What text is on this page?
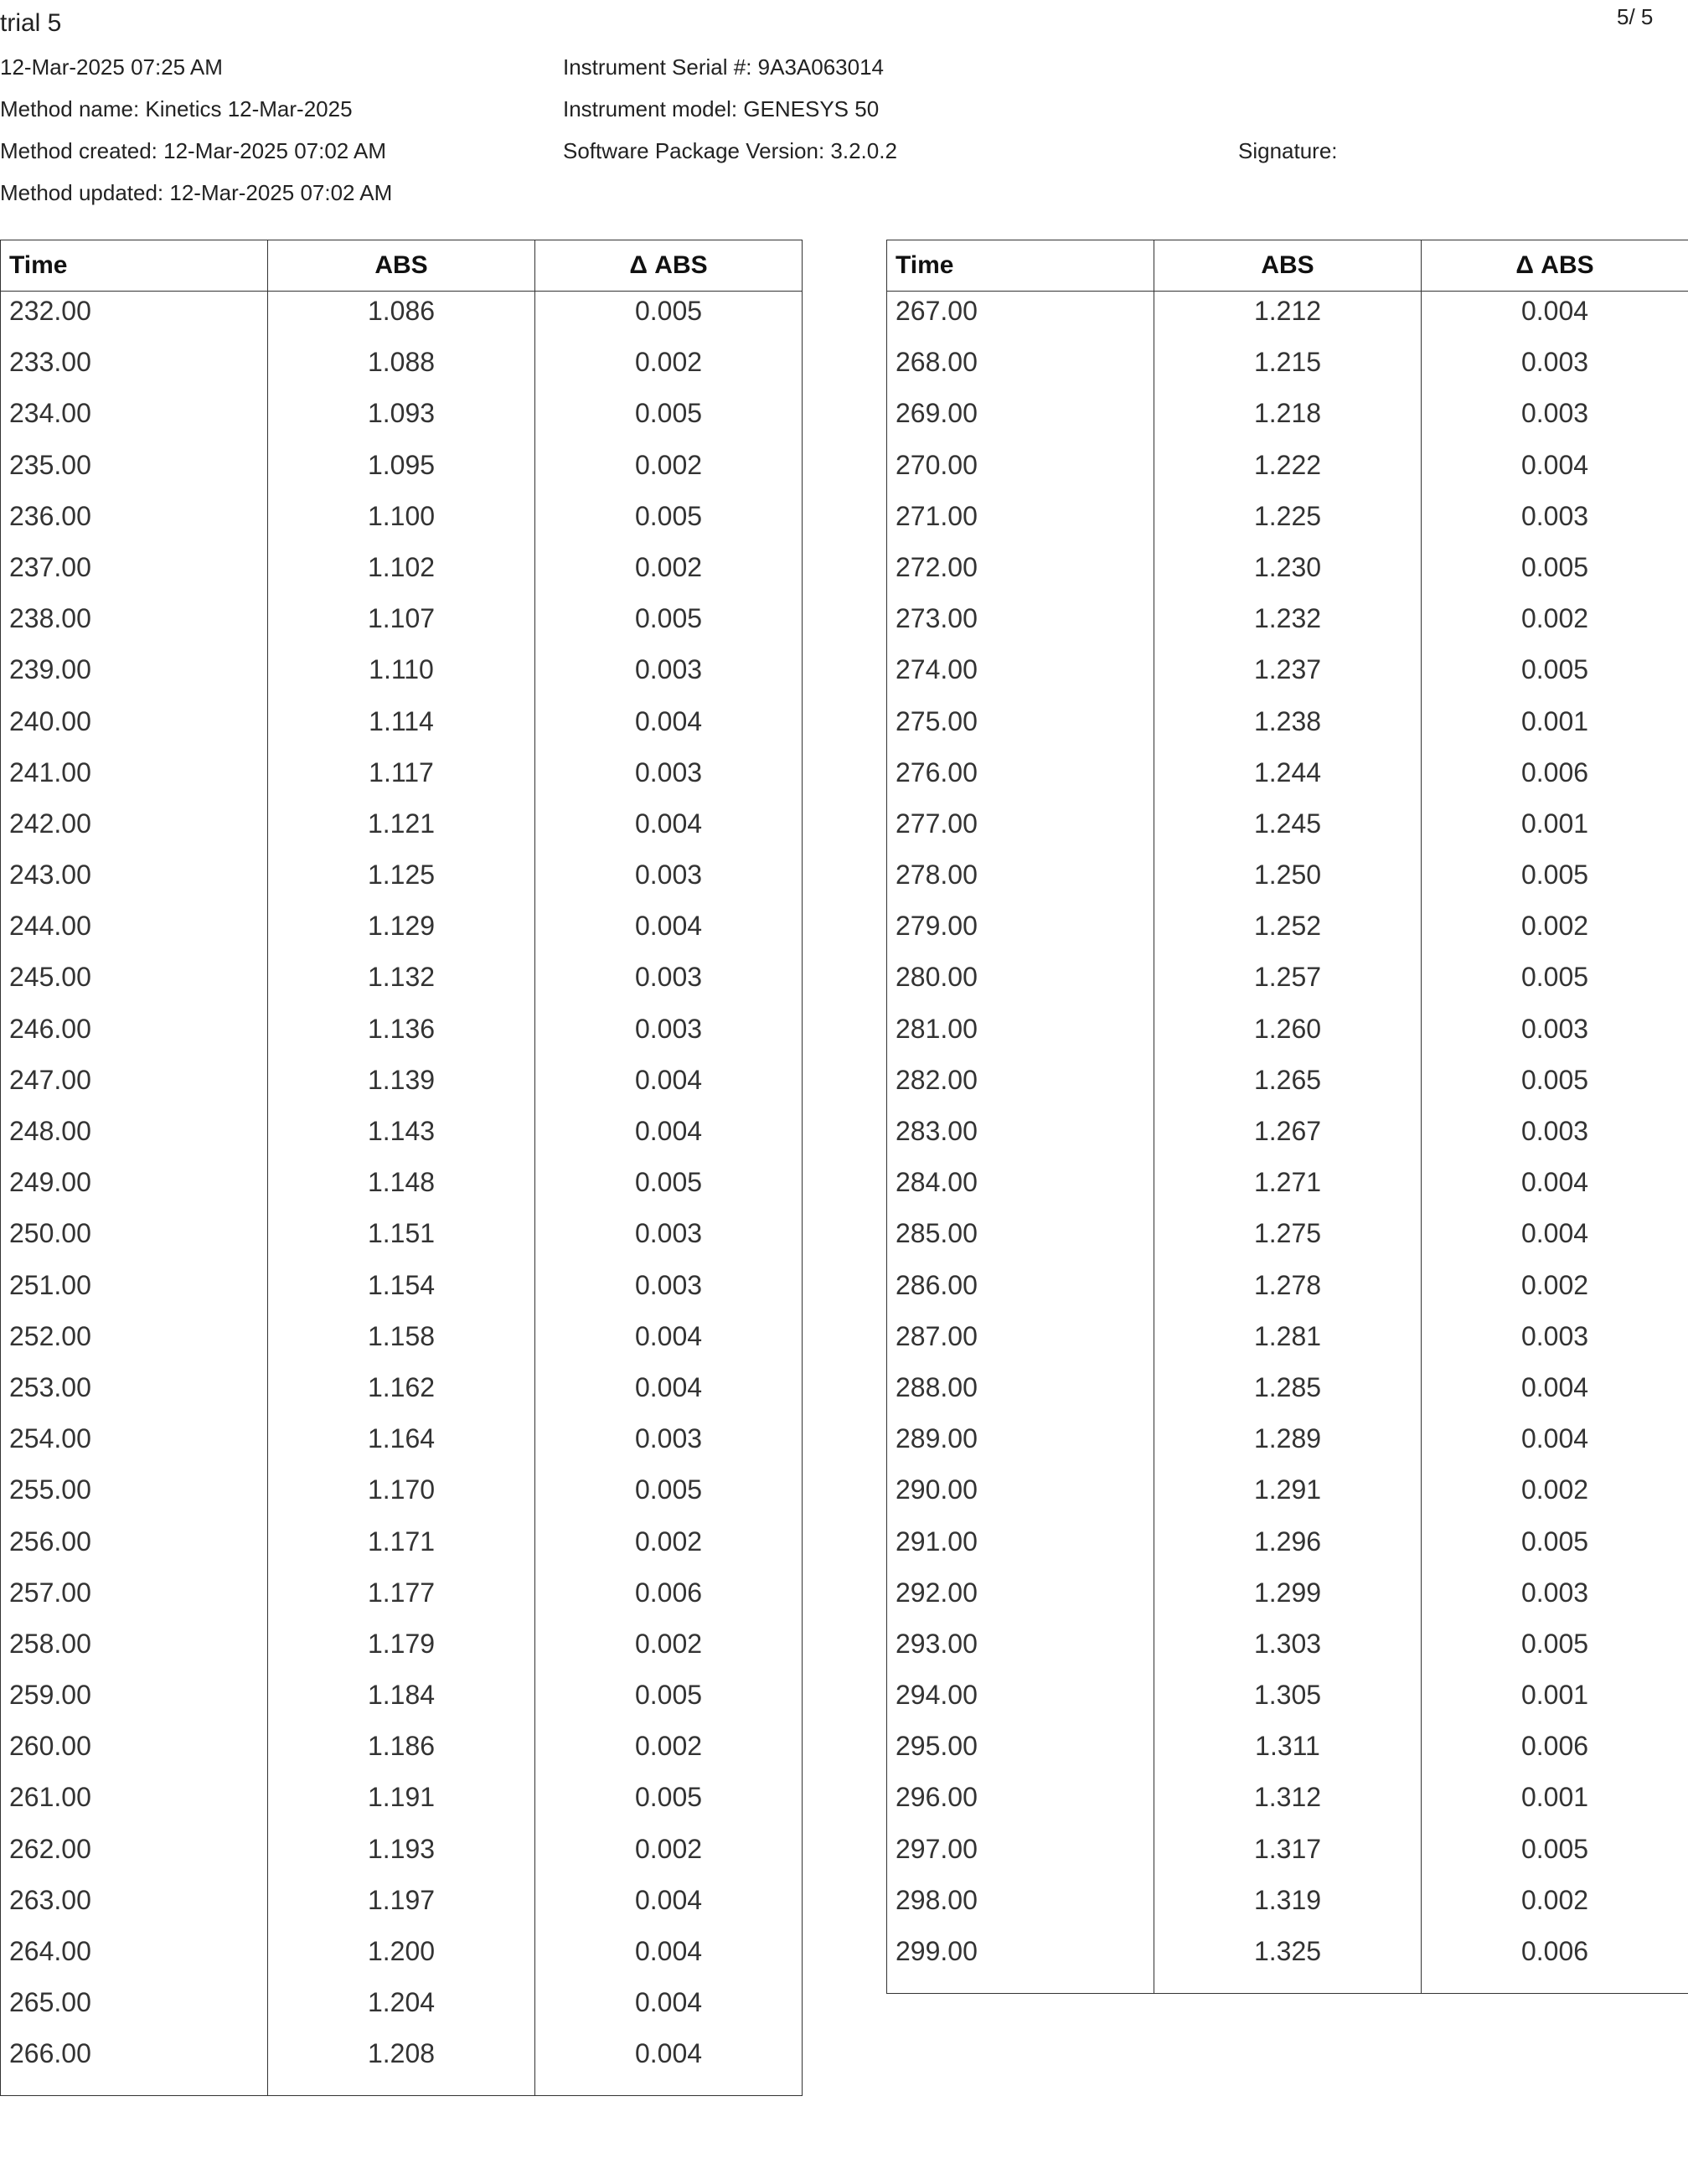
trial 5	5/ 5
12-Mar-2025 07:25 AM
Method name: Kinetics 12-Mar-2025
Method created: 12-Mar-2025 07:02 AM
Method updated: 12-Mar-2025 07:02 AM
Instrument Serial #: 9A3A063014
Instrument model: GENESYS 50
Software Package Version: 3.2.0.2	Signature:
Time	ABS	Δ ABS
232.00	1.086	0.005
233.00	1.088	0.002
234.00	1.093	0.005
235.00	1.095	0.002
236.00	1.100	0.005
237.00	1.102	0.002
238.00	1.107	0.005
239.00	1.110	0.003
240.00	1.114	0.004
241.00	1.117	0.003
242.00	1.121	0.004
243.00	1.125	0.003
244.00	1.129	0.004
245.00	1.132	0.003
246.00	1.136	0.003
247.00	1.139	0.004
248.00	1.143	0.004
249.00	1.148	0.005
250.00	1.151	0.003
251.00	1.154	0.003
252.00	1.158	0.004
253.00	1.162	0.004
254.00	1.164	0.003
255.00	1.170	0.005
256.00	1.171	0.002
257.00	1.177	0.006
258.00	1.179	0.002
259.00	1.184	0.005
260.00	1.186	0.002
261.00	1.191	0.005
262.00	1.193	0.002
263.00	1.197	0.004
264.00	1.200	0.004
265.00	1.204	0.004
266.00	1.208	0.004
Time	ABS	Δ ABS
267.00	1.212	0.004
268.00	1.215	0.003
269.00	1.218	0.003
270.00	1.222	0.004
271.00	1.225	0.003
272.00	1.230	0.005
273.00	1.232	0.002
274.00	1.237	0.005
275.00	1.238	0.001
276.00	1.244	0.006
277.00	1.245	0.001
278.00	1.250	0.005
279.00	1.252	0.002
280.00	1.257	0.005
281.00	1.260	0.003
282.00	1.265	0.005
283.00	1.267	0.003
284.00	1.271	0.004
285.00	1.275	0.004
286.00	1.278	0.002
287.00	1.281	0.003
288.00	1.285	0.004
289.00	1.289	0.004
290.00	1.291	0.002
291.00	1.296	0.005
292.00	1.299	0.003
293.00	1.303	0.005
294.00	1.305	0.001
295.00	1.311	0.006
296.00	1.312	0.001
297.00	1.317	0.005
298.00	1.319	0.002
299.00	1.325	0.006
